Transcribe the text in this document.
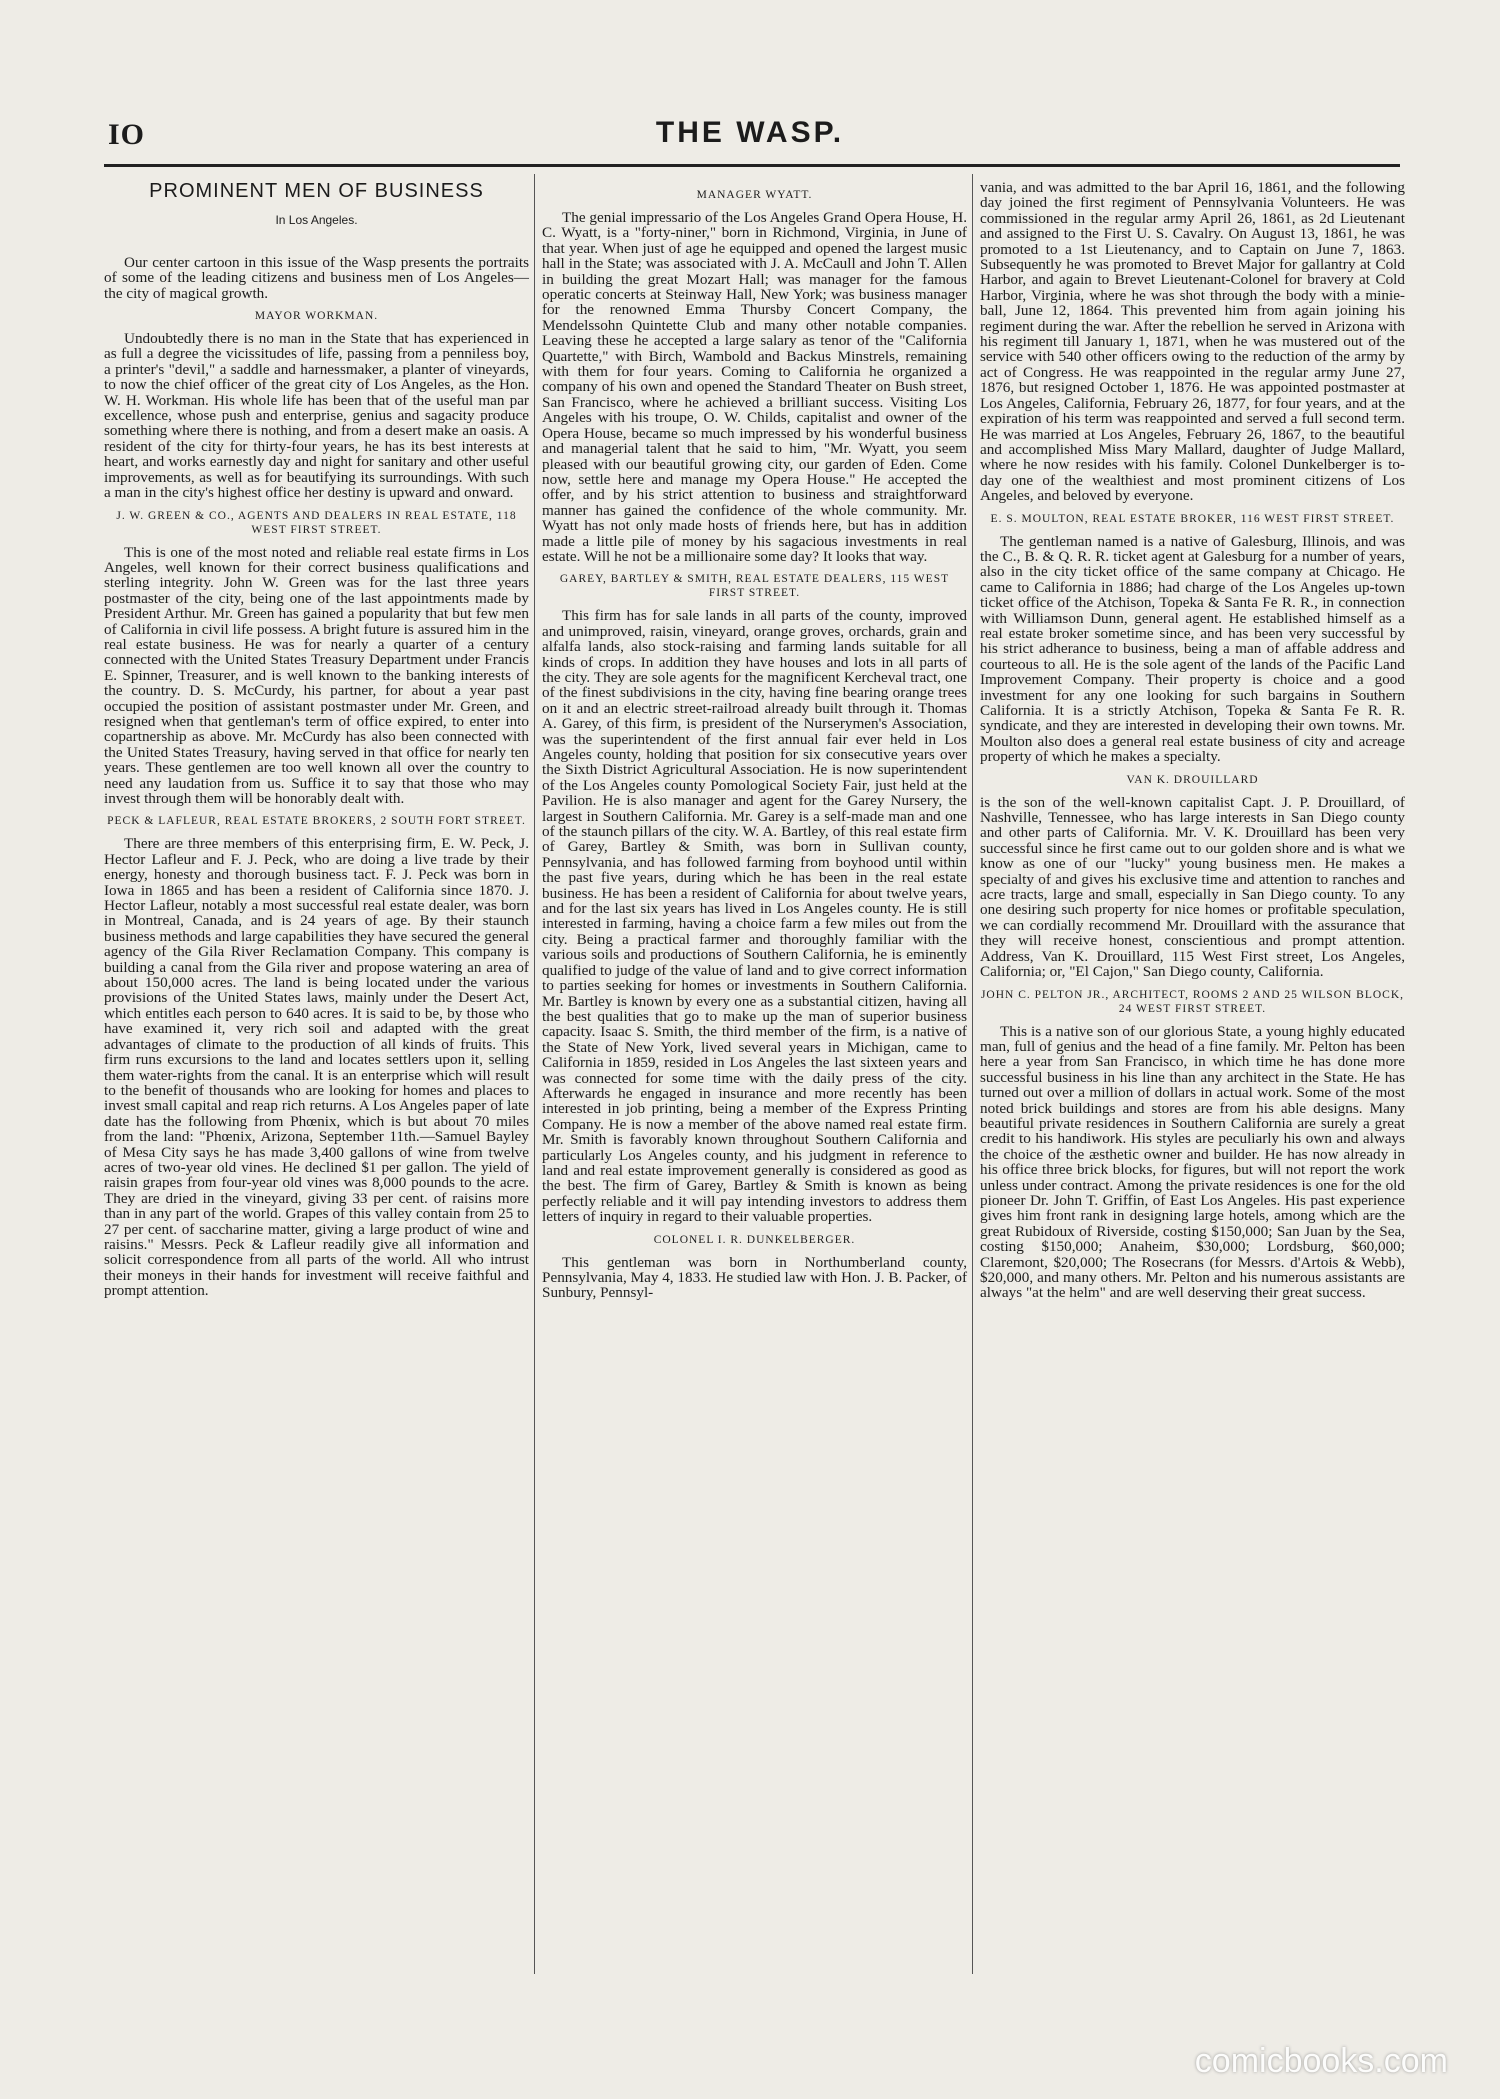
IO	THE WASP.
PROMINENT MEN OF BUSINESS
In Los Angeles.

Our center cartoon in this issue of the Wasp presents the portraits of some of the leading citizens and business men of Los Angeles—the city of magical growth.

MAYOR WORKMAN.

Undoubtedly there is no man in the State that has experienced in as full a degree the vicissitudes of life, passing from a penniless boy, a printer's "devil," a saddle and harnessmaker, a planter of vineyards, to now the chief officer of the great city of Los Angeles, as the Hon. W. H. Workman. His whole life has been that of the useful man par excellence, whose push and enterprise, genius and sagacity produce something where there is nothing, and from a desert make an oasis. A resident of the city for thirty-four years, he has its best interests at heart, and works earnestly day and night for sanitary and other useful improvements, as well as for beautifying its surroundings. With such a man in the city's highest office her destiny is upward and onward.

J. W. GREEN & CO., AGENTS AND DEALERS IN REAL ESTATE, 118 WEST FIRST STREET.

This is one of the most noted and reliable real estate firms in Los Angeles, well known for their correct business qualifications and sterling integrity. John W. Green was for the last three years postmaster of the city, being one of the last appointments made by President Arthur. Mr. Green has gained a popularity that but few men of California in civil life possess. A bright future is assured him in the real estate business. He was for nearly a quarter of a century connected with the United States Treasury Department under Francis E. Spinner, Treasurer, and is well known to the banking interests of the country. D. S. McCurdy, his partner, for about a year past occupied the position of assistant postmaster under Mr. Green, and resigned when that gentleman's term of office expired, to enter into copartnership as above. Mr. McCurdy has also been connected with the United States Treasury, having served in that office for nearly ten years. These gentlemen are too well known all over the country to need any laudation from us. Suffice it to say that those who may invest through them will be honorably dealt with.

PECK & LAFLEUR, REAL ESTATE BROKERS, 2 SOUTH FORT STREET.

There are three members of this enterprising firm, E. W. Peck, J. Hector Lafleur and F. J. Peck, who are doing a live trade by their energy, honesty and thorough business tact. F. J. Peck was born in Iowa in 1865 and has been a resident of California since 1870. J. Hector Lafleur, notably a most successful real estate dealer, was born in Montreal, Canada, and is 24 years of age. By their staunch business methods and large capabilities they have secured the general agency of the Gila River Reclamation Company. This company is building a canal from the Gila river and propose watering an area of about 150,000 acres. The land is being located under the various provisions of the United States laws, mainly under the Desert Act, which entitles each person to 640 acres. It is said to be, by those who have examined it, very rich soil and adapted with the great advantages of climate to the production of all kinds of fruits. This firm runs excursions to the land and locates settlers upon it, selling them water-rights from the canal. It is an enterprise which will result to the benefit of thousands who are looking for homes and places to invest small capital and reap rich returns. A Los Angeles paper of late date has the following from Phœnix, which is but about 70 miles from the land: "Phœnix, Arizona, September 11th.—Samuel Bayley of Mesa City says he has made 3,400 gallons of wine from twelve acres of two-year old vines. He declined $1 per gallon. The yield of raisin grapes from four-year old vines was 8,000 pounds to the acre. They are dried in the vineyard, giving 33 per cent. of raisins more than in any part of the world. Grapes of this valley contain from 25 to 27 per cent. of saccharine matter, giving a large product of wine and raisins." Messrs. Peck & Lafleur readily give all information and solicit correspondence from all parts of the world. All who intrust their moneys in their hands for investment will receive faithful and prompt attention.

MANAGER WYATT.

The genial impressario of the Los Angeles Grand Opera House, H. C. Wyatt, is a "forty-niner," born in Richmond, Virginia, in June of that year. When just of age he equipped and opened the largest music hall in the State; was associated with J. A. McCaull and John T. Allen in building the great Mozart Hall; was manager for the famous operatic concerts at Steinway Hall, New York; was business manager for the renowned Emma Thursby Concert Company, the Mendelssohn Quintette Club and many other notable companies. Leaving these he accepted a large salary as tenor of the "California Quartette," with Birch, Wambold and Backus Minstrels, remaining with them for four years. Coming to California he organized a company of his own and opened the Standard Theater on Bush street, San Francisco, where he achieved a brilliant success. Visiting Los Angeles with his troupe, O. W. Childs, capitalist and owner of the Opera House, became so much impressed by his wonderful business and managerial talent that he said to him, "Mr. Wyatt, you seem pleased with our beautiful growing city, our garden of Eden. Come now, settle here and manage my Opera House." He accepted the offer, and by his strict attention to business and straightforward manner has gained the confidence of the whole community. Mr. Wyatt has not only made hosts of friends here, but has in addition made a little pile of money by his sagacious investments in real estate. Will he not be a millionaire some day? It looks that way.

GAREY, BARTLEY & SMITH, REAL ESTATE DEALERS, 115 WEST FIRST STREET.

This firm has for sale lands in all parts of the county, improved and unimproved, raisin, vineyard, orange groves, orchards, grain and alfalfa lands, also stock-raising and farming lands suitable for all kinds of crops. In addition they have houses and lots in all parts of the city. They are sole agents for the magnificent Kercheval tract, one of the finest subdivisions in the city, having fine bearing orange trees on it and an electric street-railroad already built through it. Thomas A. Garey, of this firm, is president of the Nurserymen's Association, was the superintendent of the first annual fair ever held in Los Angeles county, holding that position for six consecutive years over the Sixth District Agricultural Association. He is now superintendent of the Los Angeles county Pomological Society Fair, just held at the Pavilion. He is also manager and agent for the Garey Nursery, the largest in Southern California. Mr. Garey is a self-made man and one of the staunch pillars of the city. W. A. Bartley, of this real estate firm of Garey, Bartley & Smith, was born in Sullivan county, Pennsylvania, and has followed farming from boyhood until within the past five years, during which he has been in the real estate business. He has been a resident of California for about twelve years, and for the last six years has lived in Los Angeles county. He is still interested in farming, having a choice farm a few miles out from the city. Being a practical farmer and thoroughly familiar with the various soils and productions of Southern California, he is eminently qualified to judge of the value of land and to give correct information to parties seeking for homes or investments in Southern California. Mr. Bartley is known by every one as a substantial citizen, having all the best qualities that go to make up the man of superior business capacity. Isaac S. Smith, the third member of the firm, is a native of the State of New York, lived several years in Michigan, came to California in 1859, resided in Los Angeles the last sixteen years and was connected for some time with the daily press of the city. Afterwards he engaged in insurance and more recently has been interested in job printing, being a member of the Express Printing Company. He is now a member of the above named real estate firm. Mr. Smith is favorably known throughout Southern California and particularly Los Angeles county, and his judgment in reference to land and real estate improvement generally is considered as good as the best. The firm of Garey, Bartley & Smith is known as being perfectly reliable and it will pay intending investors to address them letters of inquiry in regard to their valuable properties.

COLONEL I. R. DUNKELBERGER.

This gentleman was born in Northumberland county, Pennsylvania, May 4, 1833. He studied law with Hon. J. B. Packer, of Sunbury, Pennsyl-

vania, and was admitted to the bar April 16, 1861, and the following day joined the first regiment of Pennsylvania Volunteers. He was commissioned in the regular army April 26, 1861, as 2d Lieutenant and assigned to the First U. S. Cavalry. On August 13, 1861, he was promoted to a 1st Lieutenancy, and to Captain on June 7, 1863. Subsequently he was promoted to Brevet Major for gallantry at Cold Harbor, and again to Brevet Lieutenant-Colonel for bravery at Cold Harbor, Virginia, where he was shot through the body with a minie-ball, June 12, 1864. This prevented him from again joining his regiment during the war. After the rebellion he served in Arizona with his regiment till January 1, 1871, when he was mustered out of the service with 540 other officers owing to the reduction of the army by act of Congress. He was reappointed in the regular army June 27, 1876, but resigned October 1, 1876. He was appointed postmaster at Los Angeles, California, February 26, 1877, for four years, and at the expiration of his term was reappointed and served a full second term. He was married at Los Angeles, February 26, 1867, to the beautiful and accomplished Miss Mary Mallard, daughter of Judge Mallard, where he now resides with his family. Colonel Dunkelberger is to-day one of the wealthiest and most prominent citizens of Los Angeles, and beloved by everyone.

E. S. MOULTON, REAL ESTATE BROKER, 116 WEST FIRST STREET.

The gentleman named is a native of Galesburg, Illinois, and was the C., B. & Q. R. R. ticket agent at Galesburg for a number of years, also in the city ticket office of the same company at Chicago. He came to California in 1886; had charge of the Los Angeles up-town ticket office of the Atchison, Topeka & Santa Fe R. R., in connection with Williamson Dunn, general agent. He established himself as a real estate broker sometime since, and has been very successful by his strict adherance to business, being a man of affable address and courteous to all. He is the sole agent of the lands of the Pacific Land Improvement Company. Their property is choice and a good investment for any one looking for such bargains in Southern California. It is a strictly Atchison, Topeka & Santa Fe R. R. syndicate, and they are interested in developing their own towns. Mr. Moulton also does a general real estate business of city and acreage property of which he makes a specialty.

VAN K. DROUILLARD

is the son of the well-known capitalist Capt. J. P. Drouillard, of Nashville, Tennessee, who has large interests in San Diego county and other parts of California. Mr. V. K. Drouillard has been very successful since he first came out to our golden shore and is what we know as one of our "lucky" young business men. He makes a specialty of and gives his exclusive time and attention to ranches and acre tracts, large and small, especially in San Diego county. To any one desiring such property for nice homes or profitable speculation, we can cordially recommend Mr. Drouillard with the assurance that they will receive honest, conscientious and prompt attention. Address, Van K. Drouillard, 115 West First street, Los Angeles, California; or, "El Cajon," San Diego county, California.

JOHN C. PELTON JR., ARCHITECT, ROOMS 2 AND 25 WILSON BLOCK, 24 WEST FIRST STREET.

This is a native son of our glorious State, a young highly educated man, full of genius and the head of a fine family. Mr. Pelton has been here a year from San Francisco, in which time he has done more successful business in his line than any architect in the State. He has turned out over a million of dollars in actual work. Some of the most noted brick buildings and stores are from his able designs. Many beautiful private residences in Southern California are surely a great credit to his handiwork. His styles are peculiarly his own and always the choice of the æsthetic owner and builder. He has now already in his office three brick blocks, for figures, but will not report the work unless under contract. Among the private residences is one for the old pioneer Dr. John T. Griffin, of East Los Angeles. His past experience gives him front rank in designing large hotels, among which are the great Rubidoux of Riverside, costing $150,000; San Juan by the Sea, costing $150,000; Anaheim, $30,000; Lordsburg, $60,000; Claremont, $20,000; The Rosecrans (for Messrs. d'Artois & Webb), $20,000, and many others. Mr. Pelton and his numerous assistants are always "at the helm" and are well deserving their great success.

comicbooks.com
